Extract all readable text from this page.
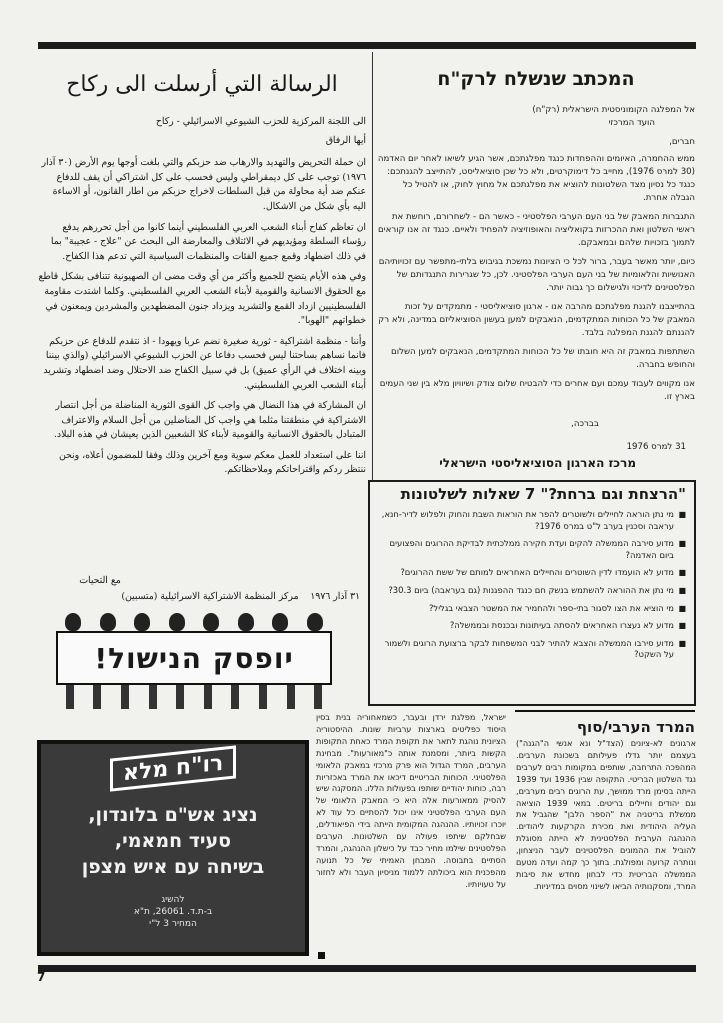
המכתב שנשלח לרק"ח
אל המפלגה הקומוניסטית הישראלית (רק"ח)
הועד המרכזי
חברים,

ממש ההחמרה, האיומים וההפחדות כנגד מפלגתכם, אשר הגיע לשיאו לאחר יום האדמה (30 למרס 1976), מחייב כל דימוקרטים, ולא כל שכן סוציאליסט, להתייצב להגנתכם: כנגד כל נסיון מצד השלטונות להוציא את מפלגתכם אל מחוץ לחוק, או להטיל כל הגבלה אחרת.

התגברות המאבק של בני העם הערבי הפלסטיני - כאשר הם - לשחרורם, רוחשת את ראשי השלטון ואת ההכרזות בקואליציה והאופוזיציה להפחיד ולאיים. כנגד זה אנו קוראים לתמוך בזכויות שלהם ובמאבקם.

כיום, יותר מאשר בעבר, ברור לכל כי הציונות נמשכת בגיבוש בלתי-מתפשר עם זכויותיהם האנושיות והלאומיות של בני העם הערבי הפלסטיני. לכן, כל שגרירות התנגדותם של הפלסטינים לדיכוי ולגישלום כך גבוה יותר.

בהתייצבנו להגנת מפלגתכם מהרבה אנו - ארגון סוציאליסטי - מתמקדים על זכות המאבק של כל הכוחות המתקדמים, הנאבקים למען בעשון הסוציאליזם במדינה, ולא רק להגנתם להגנת המפלגה בלבד.

השתתפות במאבק זה היא חובתו של כל הכוחות המתקדמים, הנאבקים למען השלום והחופש בחברה.

אנו מקווים לעבוד עמכם ועם אחרים כדי להבטיח שלום צודק ושיוויון מלא בין שני העמים בארץ זו.

בברכה,
31 למרס 1976
מרכז הארגון הסוציאליסטי הישראלי
الرسالة التي أرسلت الى ركاح
الى اللجنة المركزية للحزب الشيوعي الاسرائيلي - ركاح
أيها الرفاق

ان حملة التحريض والتهديد والارهاب ضد حزبكم والتي بلغت أوجها يوم الأرض (٣٠ آذار ١٩٧٦) توجب على كل ديمقراطي وليس فحسب على كل اشتراكي أن يقف للدفاع عنكم ضد أية محاولة من قبل السلطات لاخراج حزبكم من اطار القانون، أو الاساءة اليه بأي شكل من الاشكال.

ان تعاظم كفاح أبناء الشعب العربي الفلسطيني أينما كانوا من أجل تحررهم يدفع رؤساء السلطة ومؤيديهم في الائتلاف والمعارضة الى البحث عن "علاج - عجيبة" بما في ذلك اضطهاد وقمع جميع الفئات والمنظمات السياسية التي تدعم هذا الكفاح.

وفي هذه الأيام يتضح للجميع وأكثر من أي وقت مضى ان الصهيونية تتنافى بشكل قاطع مع الحقوق الانسانية والقومية لأبناء الشعب العربي الفلسطيني. وكلما اشتدت مقاومة الفلسطينيين ازداد القمع والتشريد ويزداد جنون المضطهدين والمشردين ويمعنون في خطواتهم "الهوبا".

وأننا - منظمة اشتراكية - ثورية صغيرة نضم عربا ويهودا - اذ نتقدم للدفاع عن حزبكم فانما نساهم بساحتنا ليس فحسب دفاعا عن الحزب الشيوعي الاسرائيلي (والذي بيننا وبينه اختلاف في الرأي عميق) بل في سبيل الكفاح ضد الاحتلال وضد اضطهاد وتشريد أبناء الشعب العربي الفلسطيني.

ان المشاركة في هذا النضال هي واجب كل القوى الثورية المناضلة من أجل انتصار الاشتراكية في منطقتنا مثلما هي واجب كل المناضلين من أجل السلام والاعتراف المتبادل بالحقوق الانسانية والقومية لأبناء كلا الشعبين الذين يعيشان في هذه البلاد.

اننا على استعداد للعمل معكم سوية ومع آخرين وذلك وفقا للمضمون أعلاه، ونحن ننتظر ردكم واقتراحاتكم وملاحظاتكم.

مع التحيات
٣١ آذار ١٩٧٦    مركز المنظمة الاشتراكية الاسرائيلية (متسبين)
"הרצחת וגם ברחת?" 7 שאלות לשלטונות
■ מי נתן הוראה לחיילים ולשוטרים להפר את הוראות השבת והחוק ולפלוש לדיר-חנא, עראבה וסכנין בערב ל"ט במרס 1976?
■ מדוע סירבה הממשלה להקים ועדת חקירה ממלכתית לבדיקת ההרוגים והפצועים ביום האדמה?
■ מדוע לא הועמדו לדין השוטרים והחיילים האחראים למותם של ששת ההרוגים?
■ מי נתן את ההוראה להשתמש בנשק חם כנגד ההפגנות (גם בעראבה) ביום 30.3?
■ מי הוציא את הצו לסגור בתי-ספר ולהחמיר את המשטר הצבאי בגליל?
■ מדוע לא נעצרו האחראים להסתה בעיתונות ובכנסת ובממשלה?
■ מדוע סירבו הממשלה והצבא להתיר לבני המשפחות לבקר ברצועת הרוגים ולשמור על השקט?
יופסק הנישול!
רו"ח מלא
נציג אש"ם בלונדון,
סעיד חמאמי,
בשיחה עם איש מצפן
להשיג
ב-ת.ד. 26061, ת"א
המחיר 3 ל"י
המרד הערבי/סוף
ארגונים לא-ציונים (הצד"ל ונא אנשי ה"הגנה") בעצמם יותר גדלו פעילותם בשכונת הערבים. המהפכה התרחבה, שותפים במקומות רבים לערבים נגד השלטון הבריטי. התקופה שבין 1936 ועד 1939 הייתה בסימן מרד ממושך, עת הרוגים רבים מערבים, וגם יהודים וחיילים בריטים. במאי 1939 הוציאה ממשלת בריטניה את "הספר הלבן" שהגביל את העליה היהודית ואת מכירת הקרקעות ליהודים. ההנהגה הערבית הפלסטינית לא הייתה מסוגלת להוביל את ההמונים הפלסטינים לעבר הניצחון, ונותרה קרועה ומפולגת. בתוך כך קמה ועדה מטעם הממשלה הבריטית כדי לבחון מחדש את סיבות המרד, ומסקנותיה הביאו לשינוי מסוים במדיניות.
ישראל, מפלגת ירדן ובעבר, כשמאחוריה בנית בסין היסוד כפליטים בארצות ערביות שונות. ההיסטוריה הציונית נוהגת לתאר את תקופת המרד כאחת התקופות הקשות ביותר, ומסמנת אותה כ"מאורעות". מבחינת הערבים, המרד הגדול הוא פרק מרכזי במאבק הלאומי הפלסטיני. הכוחות הבריטיים דיכאו את המרד באכזריות רבה, כוחות יהודיים שותפו בפעולות הללו. המסקנה שיש להסיק ממאורעות אלה היא כי המאבק הלאומי של העם הערבי הפלסטיני אינו יכול להסתיים כל עוד לא יוכרו זכויותיו. ההנהגה המקומית הייתה בידי הפיאודלים, שבחלקם שיתפו פעולה עם השלטונות. הערבים הפלסטינים שילמו מחיר כבד על כישלון ההנהגה, והמרד הסתיים בתבוסה. המבחן האמיתי של כל תנועה מהפכנית הוא ביכולתה ללמוד מניסיון העבר ולא לחזור על טעויותיו.
7
